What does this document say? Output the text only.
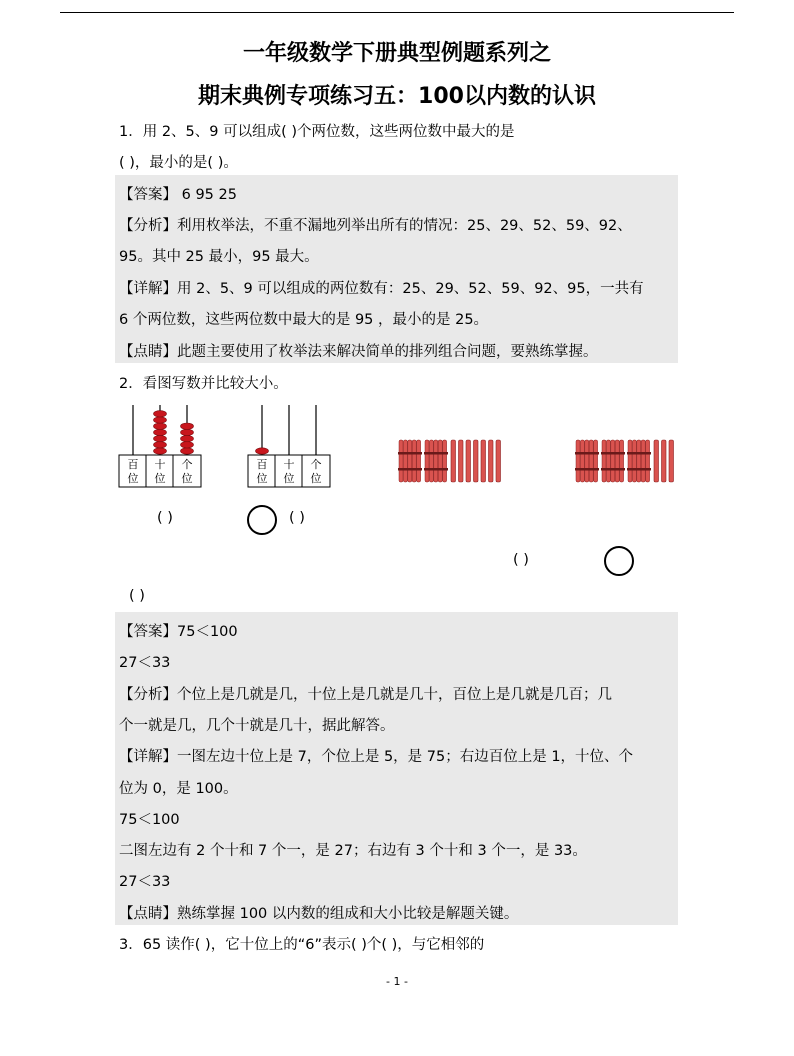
一年级数学下册典型例题系列之
期末典例专项练习五：100以内数的认识
1．用 2、5、9 可以组成( )个两位数，这些两位数中最大的是
( )，最小的是( )。
【答案】 6 95 25
【分析】利用枚举法，不重不漏地列举出所有的情况：25、29、52、59、92、
95。其中 25 最小，95 最大。
【详解】用 2、5、9 可以组成的两位数有：25、29、52、59、92、95，一共有
6 个两位数，这些两位数中最大的是 95 ，最小的是 25。
【点睛】此题主要使用了枚举法来解决简单的排列组合问题，要熟练掌握。
2．看图写数并比较大小。
百
位
十
位
个
位
百
位
十
位
个
位
( )	( )
( )
( )
【答案】75＜100
27＜33
【分析】个位上是几就是几，十位上是几就是几十，百位上是几就是几百；几
个一就是几，几个十就是几十，据此解答。
【详解】一图左边十位上是 7，个位上是 5，是 75；右边百位上是 1，十位、个
位为 0，是 100。
75＜100
二图左边有 2 个十和 7 个一，是 27；右边有 3 个十和 3 个一，是 33。
27＜33
【点睛】熟练掌握 100 以内数的组成和大小比较是解题关键。
3．65 读作( )，它十位上的“6”表示( )个( )，与它相邻的
- 1 -
